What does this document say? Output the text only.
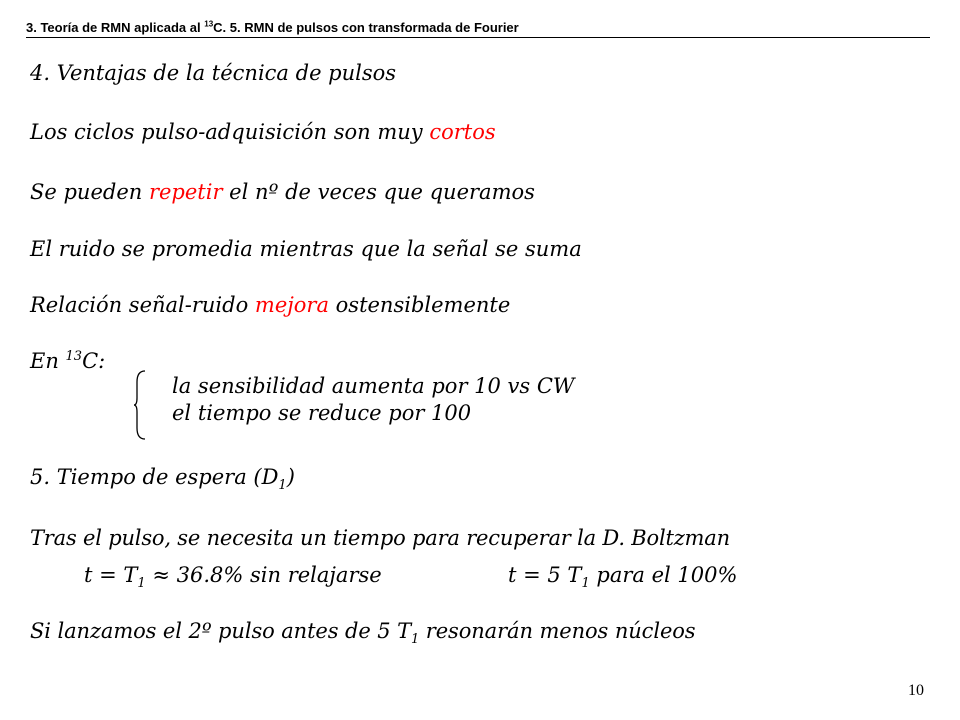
3. Teoría de RMN aplicada al $^{13}$C. 5. RMN de pulsos con transformada de Fourier
4. Ventajas de la técnica de pulsos
Los ciclos pulso-adquisición son muy cortos
Se pueden repetir el nº de veces que queramos
El ruido se promedia mientras que la señal se suma
Relación señal-ruido mejora ostensiblemente
En $^{13}$C:
la sensibilidad aumenta por 10 vs CW
el tiempo se reduce por 100
5. Tiempo de espera $(D_1)$
Tras el pulso, se necesita un tiempo para recuperar la D. Boltzman
$t = T_1 \approx 36.8\%$ sin relajarse	t = 5 $T_1$ para el 100%
Si lanzamos el 2º pulso antes de 5 $T_1$ resonarán menos núcleos
10
